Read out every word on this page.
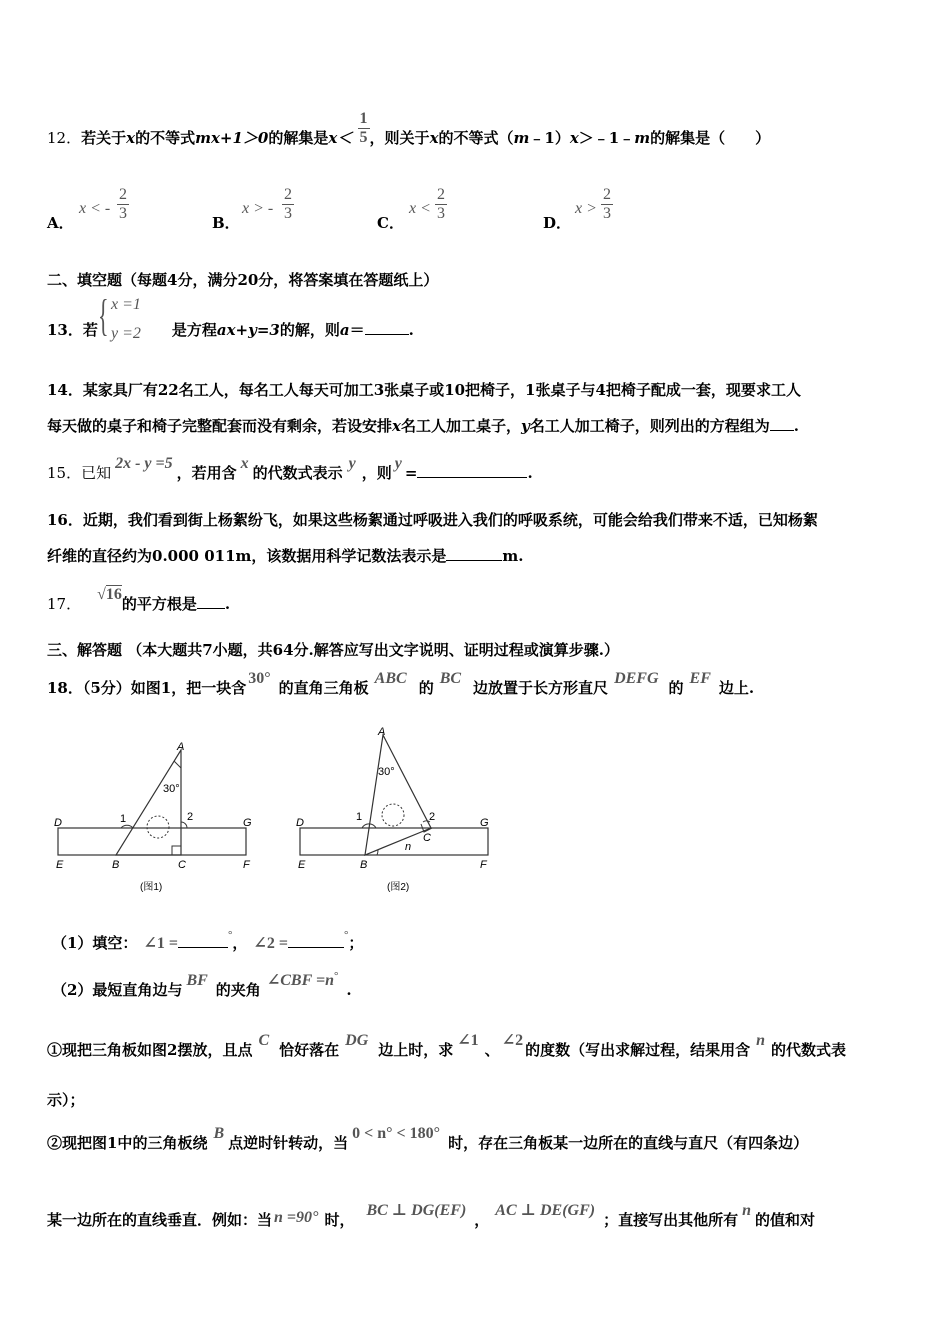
12．若关于x的不等式mx+1＞0的解集是$x< \frac{1}{5}$ ，则关于x的不等式（m﹣1）x＞﹣1﹣m的解集是（　　）
A．
x < - $\frac{2}{3}$	B．
x > - $\frac{2}{3}$	C．
$x < \frac{2}{3}$	D．
$x > \frac{2}{3}$
二、填空题（每题4分，满分20分，将答案填在答题纸上）
{ x =1
y =2
13．若	是方程ax+y=3的解，则a＝	.
14．某家具厂有22名工人，每名工人每天可加工3张桌子或10把椅子，1张桌子与4把椅子配成一套，现要求工人
每天做的桌子和椅子完整配套而没有剩余，若设安排x名工人加工桌子，y名工人加工椅子，则列出的方程组为 .
15．已知2x - y =5，若用含x的代数式表示y，则y=	.
16．近期，我们看到街上杨絮纷飞，如果这些杨絮通过呼吸进入我们的呼吸系统，可能会给我们带来不适，已知杨絮
纤维的直径约为0.000 011m，该数据用科学记数法表示是	m.
17．√16的平方根是 .
三、解答题 （本大题共7小题，共64分.解答应写出文字说明、证明过程或演算步骤.）
18．（5分）如图1，把一块含30°的直角三角板ABC的BC边放置于长方形直尺DEFG的EF边上.
A
30°
D	1	2	G
E	B	C	F
(图1)
A
30°
D	1	2
C
n
G
E	B	F
(图2)
（1）填空： ∠1 =	°， ∠2 =	°；
（2）最短直角边与BF的夹角∠CBF =n°.
①现把三角板如图2摆放，且点C恰好落在DG边上时，求∠1、∠2的度数（写出求解过程，结果用含n的代数式表
示）；
②现把图1中的三角板绕B点逆时针转动，当0 < n° < 180°时，存在三角板某一边所在的直线与直尺（有四条边）
某一边所在的直线垂直．例如：当 n =90° 时，BC ⊥ DG(EF)，AC ⊥ DE(GF)；直接写出其他所有n的值和对
